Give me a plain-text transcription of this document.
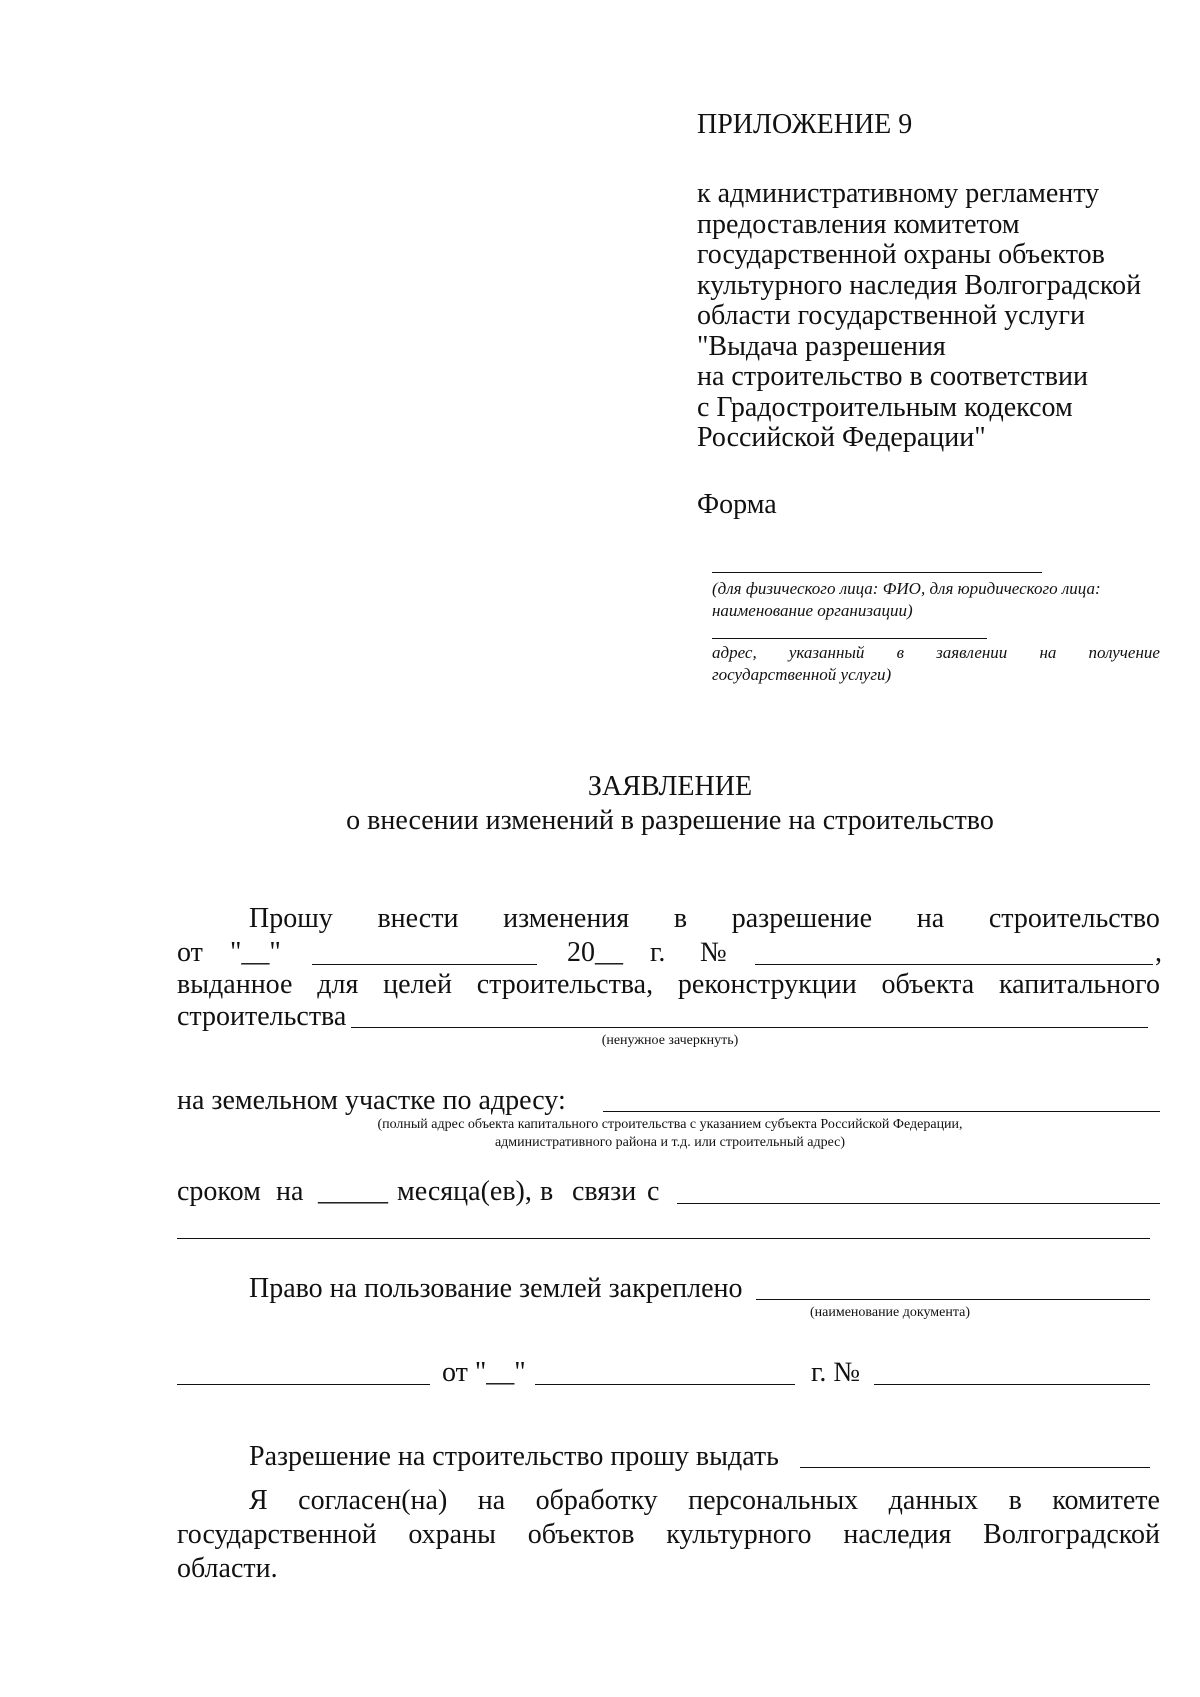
ПРИЛОЖЕНИЕ 9
к административному регламенту
предоставления комитетом
государственной охраны объектов
культурного наследия Волгоградской
области государственной услуги
"Выдача разрешения
на строительство в соответствии
с Градостроительным кодексом
Российской Федерации"
Форма
(для физического лица: ФИО, для юридического лица:
наименование организации)
адрес, указанный в заявлении на получение
государственной услуги)
ЗАЯВЛЕНИЕ
о внесении изменений в разрешение на строительство
Прошу внести изменения в разрешение на строительство
от "__"	20__ г. №	,
выданное для целей строительства, реконструкции объекта капитального
строительства
(ненужное зачеркнуть)
на земельном участке по адресу:
(полный адрес объекта капитального строительства с указанием субъекта Российской Федерации,
административного района и т.д. или строительный адрес)
сроком на _____ месяца(ев), в связи с
Право на пользование землей закреплено
(наименование документа)
от "__"	г. №
Разрешение на строительство прошу выдать
Я согласен(на) на обработку персональных данных в комитете
государственной охраны объектов культурного наследия Волгоградской
области.
